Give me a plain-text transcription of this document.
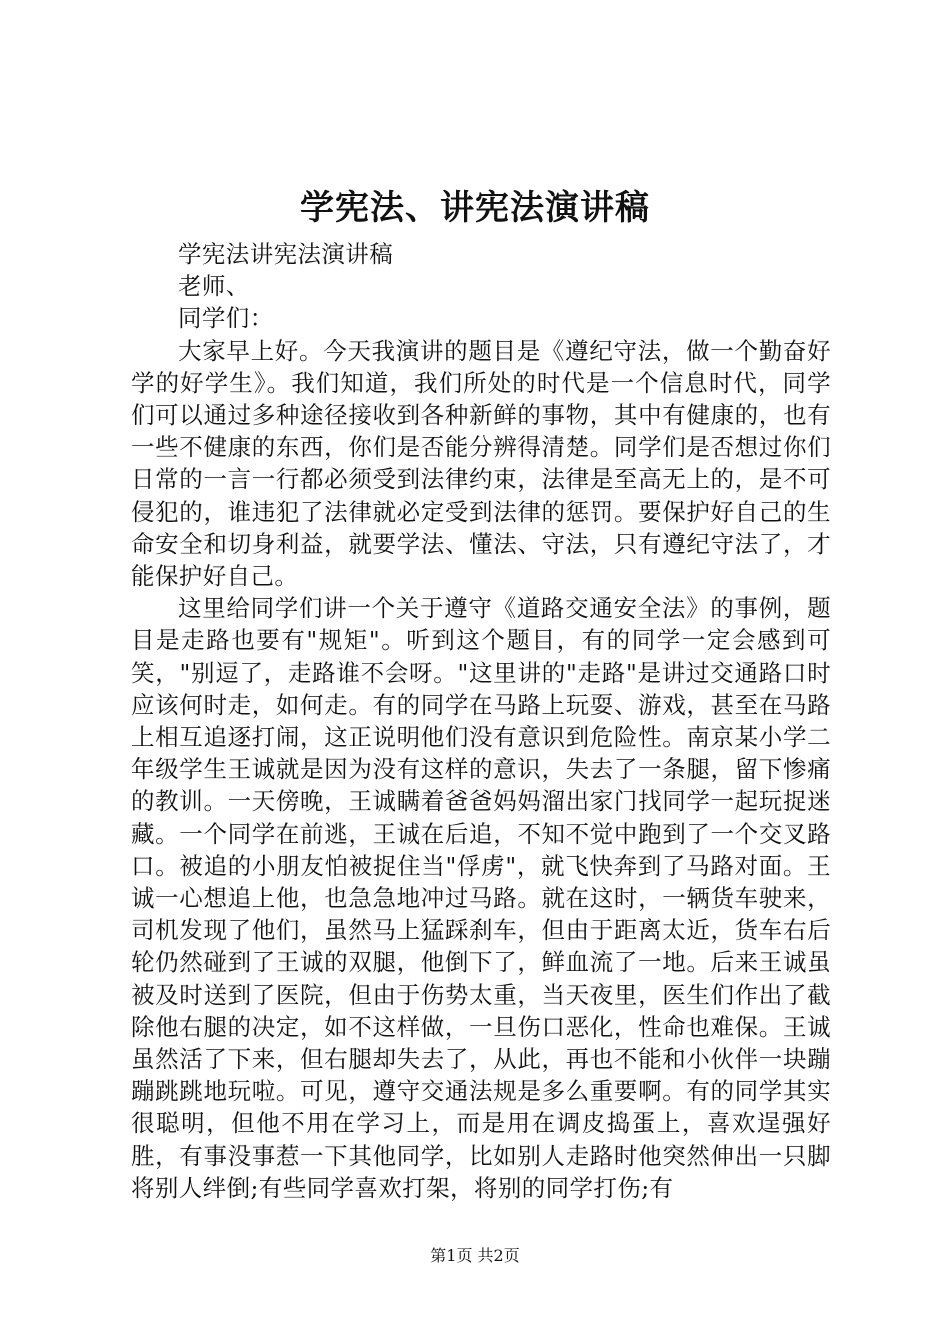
学宪法、讲宪法演讲稿

学宪法讲宪法演讲稿

老师、

同学们：

大家早上好。今天我演讲的题目是《遵纪守法，做一个勤奋好学的好学生》。我们知道，我们所处的时代是一个信息时代，同学们可以通过多种途径接收到各种新鲜的事物，其中有健康的，也有一些不健康的东西，你们是否能分辨得清楚。同学们是否想过你们日常的一言一行都必须受到法律约束，法律是至高无上的，是不可侵犯的，谁违犯了法律就必定受到法律的惩罚。要保护好自己的生命安全和切身利益，就要学法、懂法、守法，只有遵纪守法了，才能保护好自己。

这里给同学们讲一个关于遵守《道路交通安全法》的事例，题目是走路也要有"规矩"。听到这个题目，有的同学一定会感到可笑，"别逗了，走路谁不会呀。"这里讲的"走路"是讲过交通路口时应该何时走，如何走。有的同学在马路上玩耍、游戏，甚至在马路上相互追逐打闹，这正说明他们没有意识到危险性。南京某小学二年级学生王诚就是因为没有这样的意识，失去了一条腿，留下惨痛的教训。一天傍晚，王诚瞒着爸爸妈妈溜出家门找同学一起玩捉迷藏。一个同学在前逃，王诚在后追，不知不觉中跑到了一个交叉路口。被追的小朋友怕被捉住当"俘虏"，就飞快奔到了马路对面。王诚一心想追上他，也急急地冲过马路。就在这时，一辆货车驶来，司机发现了他们，虽然马上猛踩刹车，但由于距离太近，货车右后轮仍然碰到了王诚的双腿，他倒下了，鲜血流了一地。后来王诚虽被及时送到了医院，但由于伤势太重，当天夜里，医生们作出了截除他右腿的决定，如不这样做，一旦伤口恶化，性命也难保。王诚虽然活了下来，但右腿却失去了，从此，再也不能和小伙伴一块蹦蹦跳跳地玩啦。可见，遵守交通法规是多么重要啊。有的同学其实很聪明，但他不用在学习上，而是用在调皮捣蛋上，喜欢逞强好胜，有事没事惹一下其他同学，比如别人走路时他突然伸出一只脚将别人绊倒;有些同学喜欢打架，将别的同学打伤;有

第1页 共2页
